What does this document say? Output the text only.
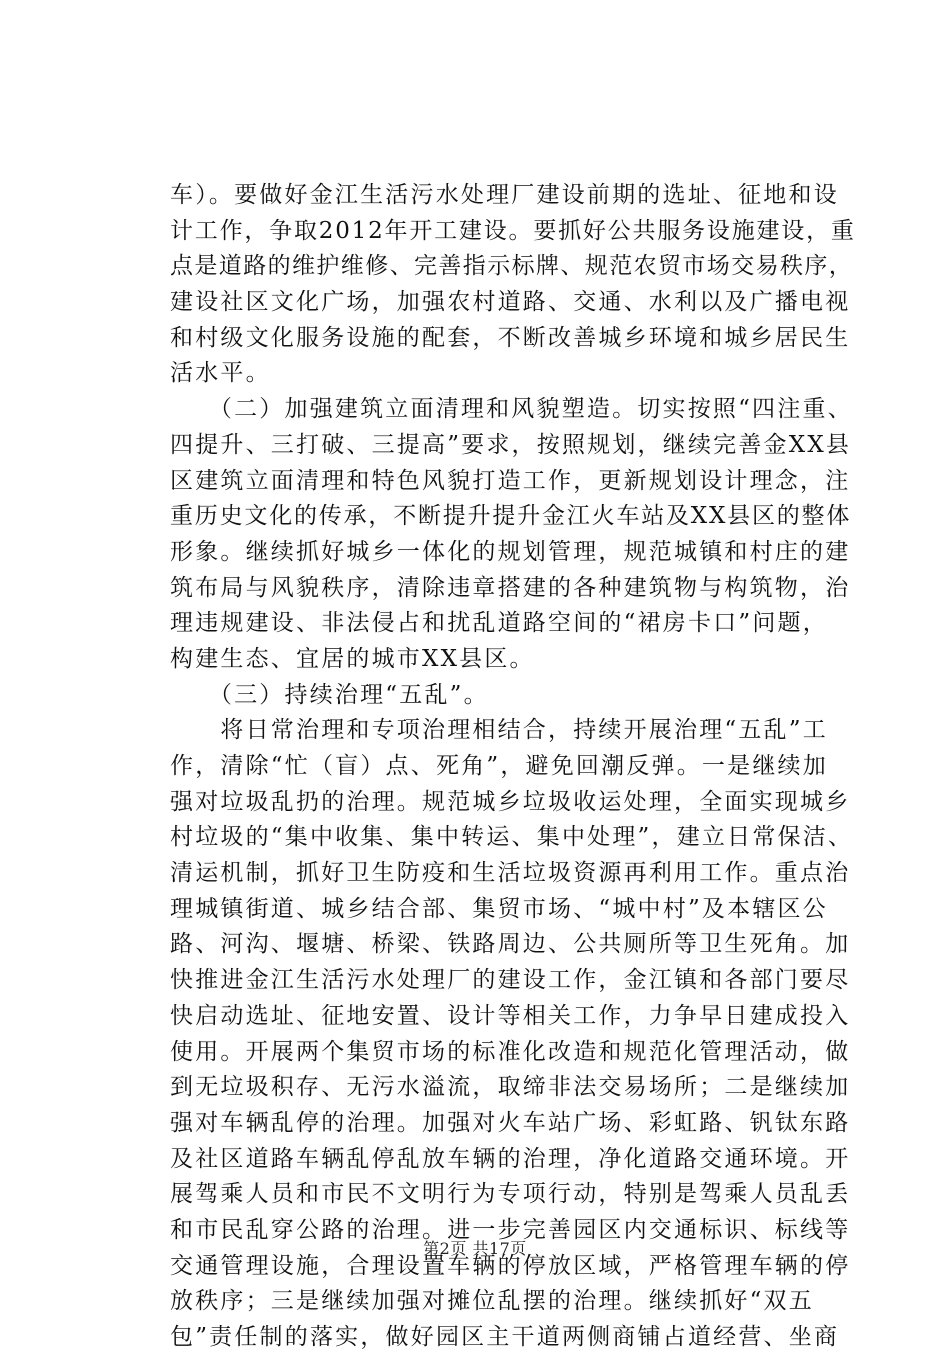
车）。要做好金江生活污水处理厂建设前期的选址、征地和设
计工作，争取2012年开工建设。要抓好公共服务设施建设，重
点是道路的维护维修、完善指示标牌、规范农贸市场交易秩序，
建设社区文化广场，加强农村道路、交通、水利以及广播电视
和村级文化服务设施的配套，不断改善城乡环境和城乡居民生
活水平。
　　（二）加强建筑立面清理和风貌塑造。切实按照“四注重、
四提升、三打破、三提高”要求，按照规划，继续完善金XX县
区建筑立面清理和特色风貌打造工作，更新规划设计理念，注
重历史文化的传承，不断提升提升金江火车站及XX县区的整体
形象。继续抓好城乡一体化的规划管理，规范城镇和村庄的建
筑布局与风貌秩序，清除违章搭建的各种建筑物与构筑物，治
理违规建设、非法侵占和扰乱道路空间的“裙房卡口”问题，
构建生态、宜居的城市XX县区。
　　（三）持续治理“五乱”。
　　将日常治理和专项治理相结合，持续开展治理“五乱”工
作，清除“忙（盲）点、死角”，避免回潮反弹。一是继续加
强对垃圾乱扔的治理。规范城乡垃圾收运处理，全面实现城乡
村垃圾的“集中收集、集中转运、集中处理”，建立日常保洁、
清运机制，抓好卫生防疫和生活垃圾资源再利用工作。重点治
理城镇街道、城乡结合部、集贸市场、“城中村”及本辖区公
路、河沟、堰塘、桥梁、铁路周边、公共厕所等卫生死角。加
快推进金江生活污水处理厂的建设工作，金江镇和各部门要尽
快启动选址、征地安置、设计等相关工作，力争早日建成投入
使用。开展两个集贸市场的标准化改造和规范化管理活动，做
到无垃圾积存、无污水溢流，取缔非法交易场所；二是继续加
强对车辆乱停的治理。加强对火车站广场、彩虹路、钒钛东路
及社区道路车辆乱停乱放车辆的治理，净化道路交通环境。开
展驾乘人员和市民不文明行为专项行动，特别是驾乘人员乱丢
和市民乱穿公路的治理。进一步完善园区内交通标识、标线等
交通管理设施，合理设置车辆的停放区域，严格管理车辆的停
放秩序；三是继续加强对摊位乱摆的治理。继续抓好“双五
包”责任制的落实，做好园区主干道两侧商铺占道经营、坐商
第2页 共17页
